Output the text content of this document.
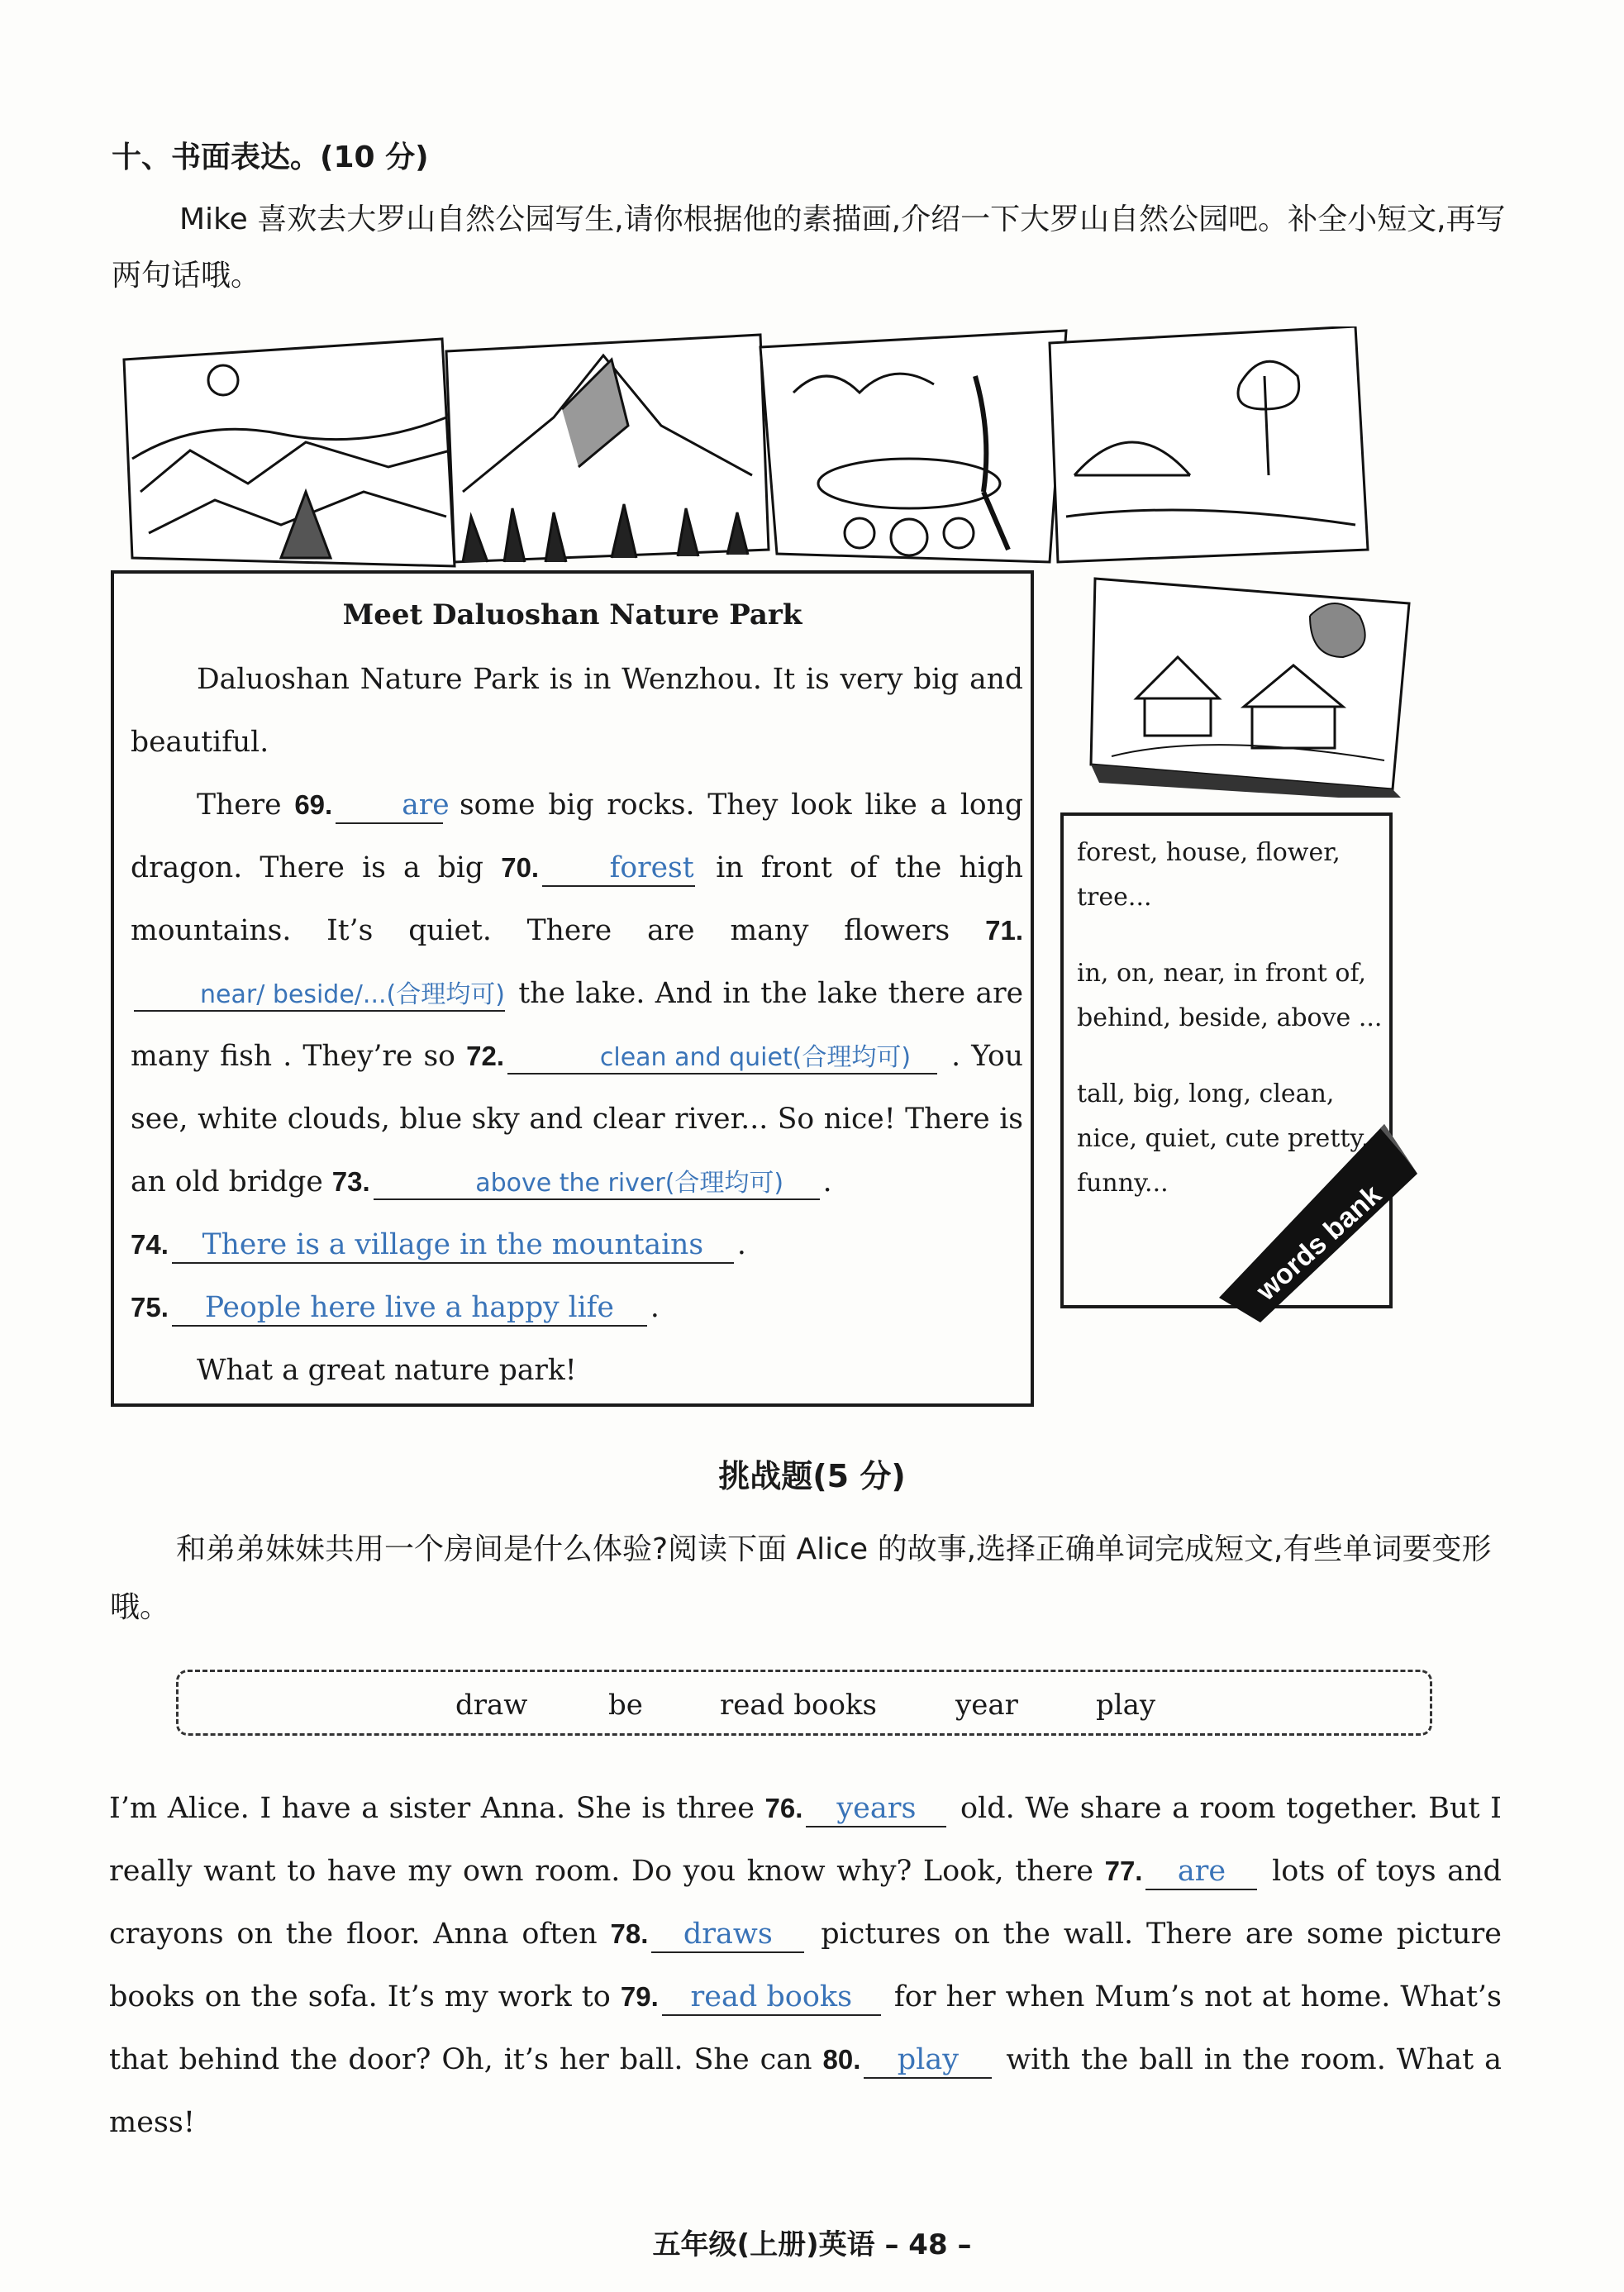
十、书面表达。(10 分)
Mike 喜欢去大罗山自然公园写生,请你根据他的素描画,介绍一下大罗山自然公园吧。补全小短文,再写两句话哦。
Meet Daluoshan Nature Park

Daluoshan Nature Park is in Wenzhou. It is very big and beautiful.

There 69. are some big rocks. They look like a long dragon. There is a big 70. forest in front of the high mountains. It’s quiet. There are many flowers 71.near/ beside/...(合理均可) the lake. And in the lake there are many fish . They’re so 72.	clean and quiet(合理均可) . You see, white clouds, blue sky and clear river... So nice! There is an old bridge 73.	above the river(合理均可) .

74. There is a village in the mountains .

75. People here live a happy life .

What a great nature park!

forest, house, flower, tree...

in, on, near, in front of, behind, beside, above ...

tall, big, long, clean, nice, quiet, cute pretty, funny...	words bank
挑战题(5 分)
和弟弟妹妹共用一个房间是什么体验?阅读下面 Alice 的故事,选择正确单词完成短文,有些单词要变形哦。
draw	be	read books	year	play

I’m Alice. I have a sister Anna. She is three 76. years old. We share a room together. But I really want to have my own room. Do you know why? Look, there 77. are lots of toys and crayons on the floor. Anna often 78. draws pictures on the wall. There are some picture books on the sofa. It’s my work to 79. read books for her when Mum’s not at home. What’s that behind the door? Oh, it’s her ball. She can 80. play with the ball in the room. What a mess!

五年级(上册)英语 – 48 –
